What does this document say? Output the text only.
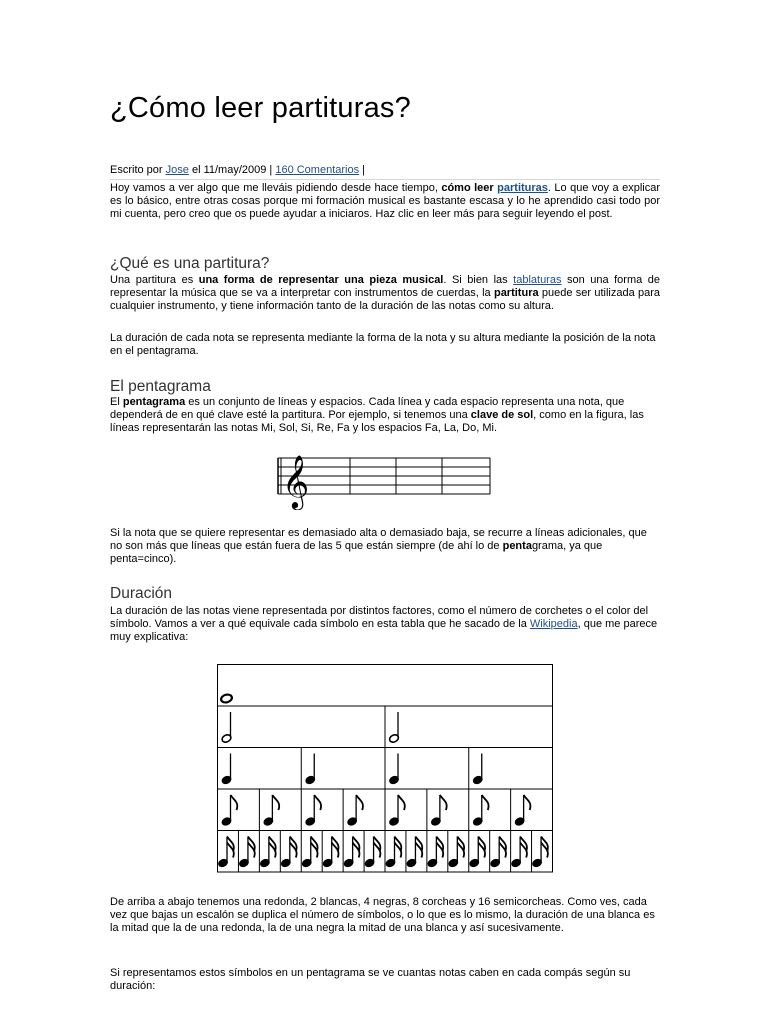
¿Cómo leer partituras?
Escrito por Jose el 11/may/2009 | 160 Comentarios |
Hoy vamos a ver algo que me lleváis pidiendo desde hace tiempo, cómo leer partituras. Lo que voy a explicar es lo básico, entre otras cosas porque mi formación musical es bastante escasa y lo he aprendido casi todo por mi cuenta, pero creo que os puede ayudar a iniciaros. Haz clic en leer más para seguir leyendo el post.
¿Qué es una partitura?
Una partitura es una forma de representar una pieza musical. Si bien las tablaturas son una forma de representar la música que se va a interpretar con instrumentos de cuerdas, la partitura puede ser utilizada para cualquier instrumento, y tiene información tanto de la duración de las notas como su altura.
La duración de cada nota se representa mediante la forma de la nota y su altura mediante la posición de la nota en el pentagrama.
El pentagrama
El pentagrama es un conjunto de líneas y espacios. Cada línea y cada espacio representa una nota, que dependerá de en qué clave esté la partitura. Por ejemplo, si tenemos una clave de sol, como en la figura, las líneas representarán las notas Mi, Sol, Si, Re, Fa y los espacios Fa, La, Do, Mi.
Si la nota que se quiere representar es demasiado alta o demasiado baja, se recurre a líneas adicionales, que no son más que líneas que están fuera de las 5 que están siempre (de ahí lo de pentagrama, ya que penta=cinco).
Duración
La duración de las notas viene representada por distintos factores, como el número de corchetes o el color del símbolo. Vamos a ver a qué equivale cada símbolo en esta tabla que he sacado de la Wikipedia, que me parece muy explicativa:
De arriba a abajo tenemos una redonda, 2 blancas, 4 negras, 8 corcheas y 16 semicorcheas. Como ves, cada vez que bajas un escalón se duplica el número de símbolos, o lo que es lo mismo, la duración de una blanca es la mitad que la de una redonda, la de una negra la mitad de una blanca y así sucesivamente.
Si representamos estos símbolos en un pentagrama se ve cuantas notas caben en cada compás según su duración:
𝄞
